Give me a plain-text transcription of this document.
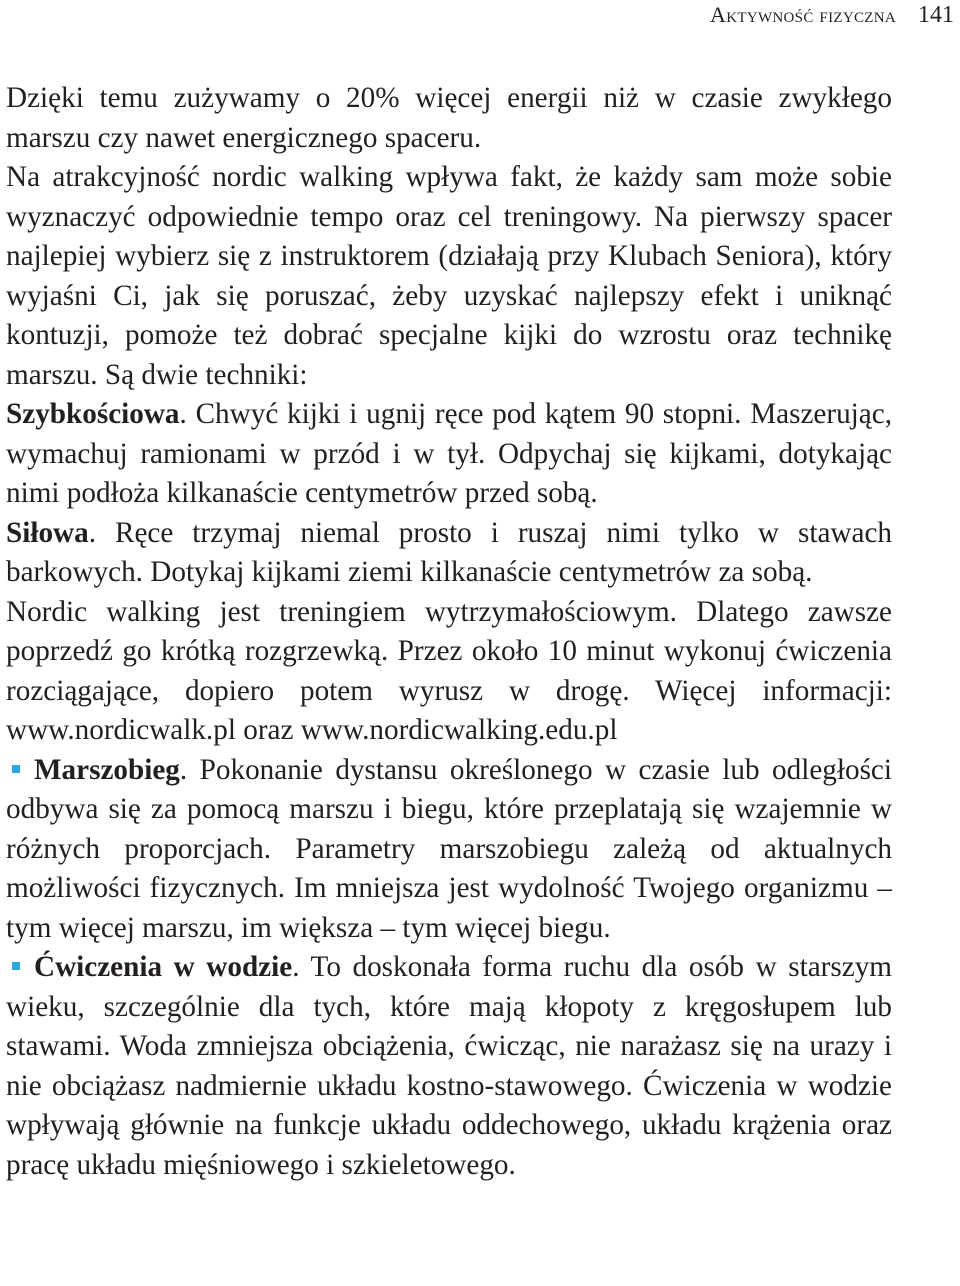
Aktywność fizyczna 141

Dzięki temu zużywamy o 20% więcej energii niż w czasie zwykłego marszu czy nawet energicznego spaceru.

Na atrakcyjność nordic walking wpływa fakt, że każdy sam może sobie wyznaczyć odpowiednie tempo oraz cel treningowy. Na pierwszy spacer najlepiej wybierz się z instruktorem (działają przy Klubach Seniora), który wyjaśni Ci, jak się poruszać, żeby uzyskać najlepszy efekt i uniknąć kontuzji, pomoże też dobrać specjalne kijki do wzrostu oraz technikę marszu. Są dwie techniki:

Szybkościowa. Chwyć kijki i ugnij ręce pod kątem 90 stopni. Maszerując, wymachuj ramionami w przód i w tył. Odpychaj się kijkami, dotykając nimi podłoża kilkanaście centymetrów przed sobą.

Siłowa. Ręce trzymaj niemal prosto i ruszaj nimi tylko w stawach barkowych. Dotykaj kijkami ziemi kilkanaście centymetrów za sobą.

Nordic walking jest treningiem wytrzymałościowym. Dlatego zawsze poprzedź go krótką rozgrzewką. Przez około 10 minut wykonuj ćwiczenia rozciągające, dopiero potem wyrusz w drogę. Więcej informacji: www.nordicwalk.pl oraz www.nordicwalking.edu.pl

Marszobieg. Pokonanie dystansu określonego w czasie lub odległości odbywa się za pomocą marszu i biegu, które przeplatają się wzajemnie w różnych proporcjach. Parametry marszobiegu zależą od aktualnych możliwości fizycznych. Im mniejsza jest wydolność Twojego organizmu – tym więcej marszu, im większa – tym więcej biegu.

Ćwiczenia w wodzie. To doskonała forma ruchu dla osób w starszym wieku, szczególnie dla tych, które mają kłopoty z kręgosłupem lub stawami. Woda zmniejsza obciążenia, ćwicząc, nie narażasz się na urazy i nie obciążasz nadmiernie układu kostno-stawowego. Ćwiczenia w wodzie wpływają głównie na funkcje układu oddechowego, układu krążenia oraz pracę układu mięśniowego i szkieletowego.
